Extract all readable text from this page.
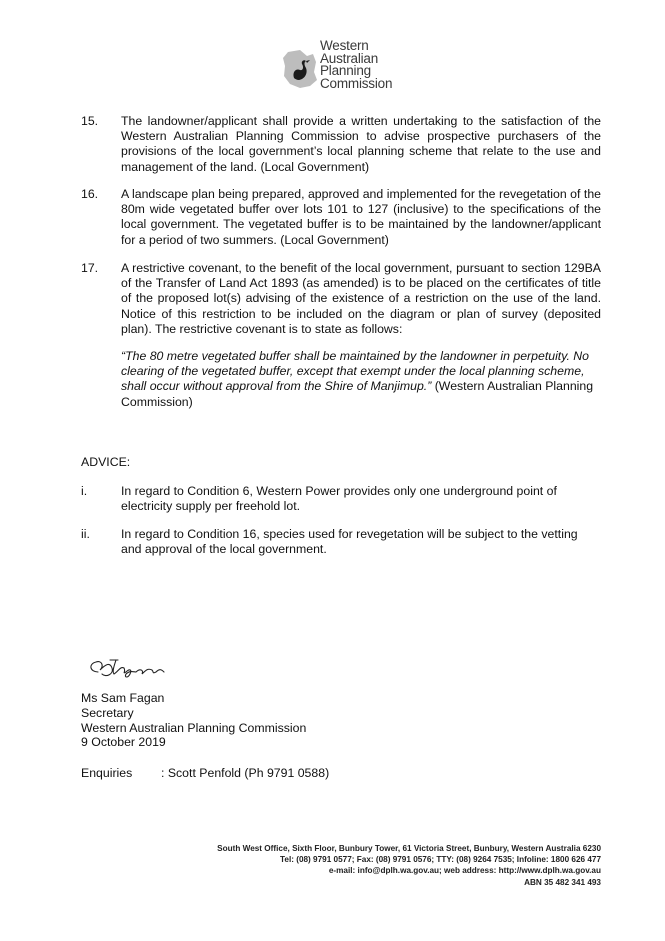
Western
Australian
Planning
Commission
15. The landowner/applicant shall provide a written undertaking to the satisfaction of the Western Australian Planning Commission to advise prospective purchasers of the provisions of the local government’s local planning scheme that relate to the use and management of the land. (Local Government)
16. A landscape plan being prepared, approved and implemented for the revegetation of the 80m wide vegetated buffer over lots 101 to 127 (inclusive) to the specifications of the local government. The vegetated buffer is to be maintained by the landowner/applicant for a period of two summers. (Local Government)
17. A restrictive covenant, to the benefit of the local government, pursuant to section 129BA of the Transfer of Land Act 1893 (as amended) is to be placed on the certificates of title of the proposed lot(s) advising of the existence of a restriction on the use of the land. Notice of this restriction to be included on the diagram or plan of survey (deposited plan). The restrictive covenant is to state as follows:
“The 80 metre vegetated buffer shall be maintained by the landowner in perpetuity. No clearing of the vegetated buffer, except that exempt under the local planning scheme, shall occur without approval from the Shire of Manjimup.” (Western Australian Planning Commission)
ADVICE:
i.	In regard to Condition 6, Western Power provides only one underground point of electricity supply per freehold lot.
ii.	In regard to Condition 16, species used for revegetation will be subject to the vetting and approval of the local government.
Ms Sam Fagan
Secretary
Western Australian Planning Commission
9 October 2019
Enquiries : Scott Penfold (Ph 9791 0588)
South West Office, Sixth Floor, Bunbury Tower, 61 Victoria Street, Bunbury, Western Australia 6230
Tel: (08) 9791 0577; Fax: (08) 9791 0576; TTY: (08) 9264 7535; Infoline: 1800 626 477
e-mail: info@dplh.wa.gov.au; web address: http://www.dplh.wa.gov.au
ABN 35 482 341 493
